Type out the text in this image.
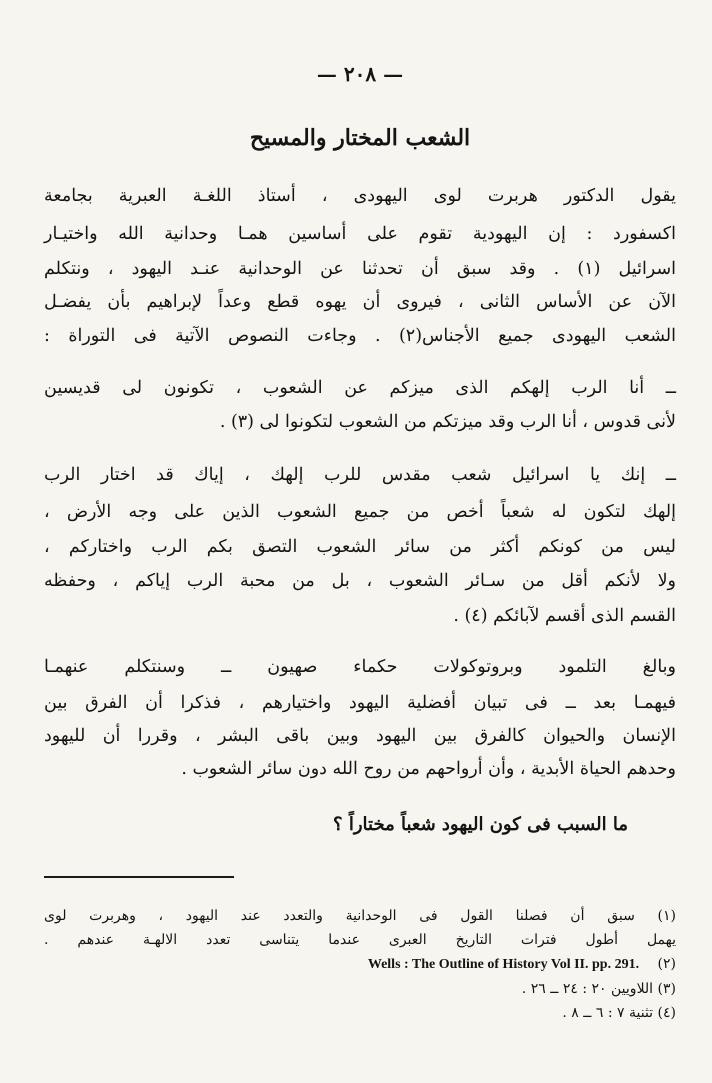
— ٢٠٨ —
الشعب المختار والمسيح
يقول الدكتور هربرت لوى اليهودى ، أستاذ اللغـة العبرية بجامعة
اكسفورد : إن اليهودية تقوم على أساسين همـا وحدانية الله واختيـار
اسرائيل (١) . وقد سبق أن تحدثنا عن الوحدانية عنـد اليهود ، ونتكلم
الآن عن الأساس الثانى ، فيروى أن يهوه قطع وعداً لإبراهيم بأن يفضـل
الشعب اليهودى جميع الأجناس(٢) . وجاءت النصوص الآتية فى التوراة :
ــ أنا الرب إلهكم الذى ميزكم عن الشعوب ، تكونون لى قديسين
لأنى قدوس ، أنا الرب وقد ميزتكم من الشعوب لتكونوا لى (٣) .
ــ إنك يا اسرائيل شعب مقدس للرب إلهك ، إياك قد اختار الرب
إلهك لتكون له شعباً أخص من جميع الشعوب الذين على وجه الأرض ،
ليس من كونكم أكثر من سائر الشعوب التصق بكم الرب واختاركم ،
ولا لأنكم أقل من سـائر الشعوب ، بل من محبة الرب إياكم ، وحفظه
القسم الذى أقسم لآبائكم (٤) .
وبالغ التلمود وبروتوكولات حكماء صهيون ــ وسنتكلم عنهمـا
فيهمـا بعد ــ فى تبيان أفضلية اليهود واختيارهم ، فذكرا أن الفرق بين
الإنسان والحيوان كالفرق بين اليهود وبين باقى البشر ، وقررا أن لليهود
وحدهم الحياة الأبدية ، وأن أرواحهم من روح الله دون سائر الشعوب .
ما السبب فى كون اليهود شعباً مختاراً ؟
(١) سبق أن فصلنا القول فى الوحدانية والتعدد عند اليهود ، وهربرت لوى
يهمل أطول فترات التاريخ العبرى عندما يتناسى تعدد الالهـة عندهم .
(٢) Wells : The Outline of History Vol II. pp. 291.
(٣) اللاويين ٢٠ : ٢٤ ــ ٢٦ .
(٤) تثنية ٧ : ٦ ــ ٨ .
